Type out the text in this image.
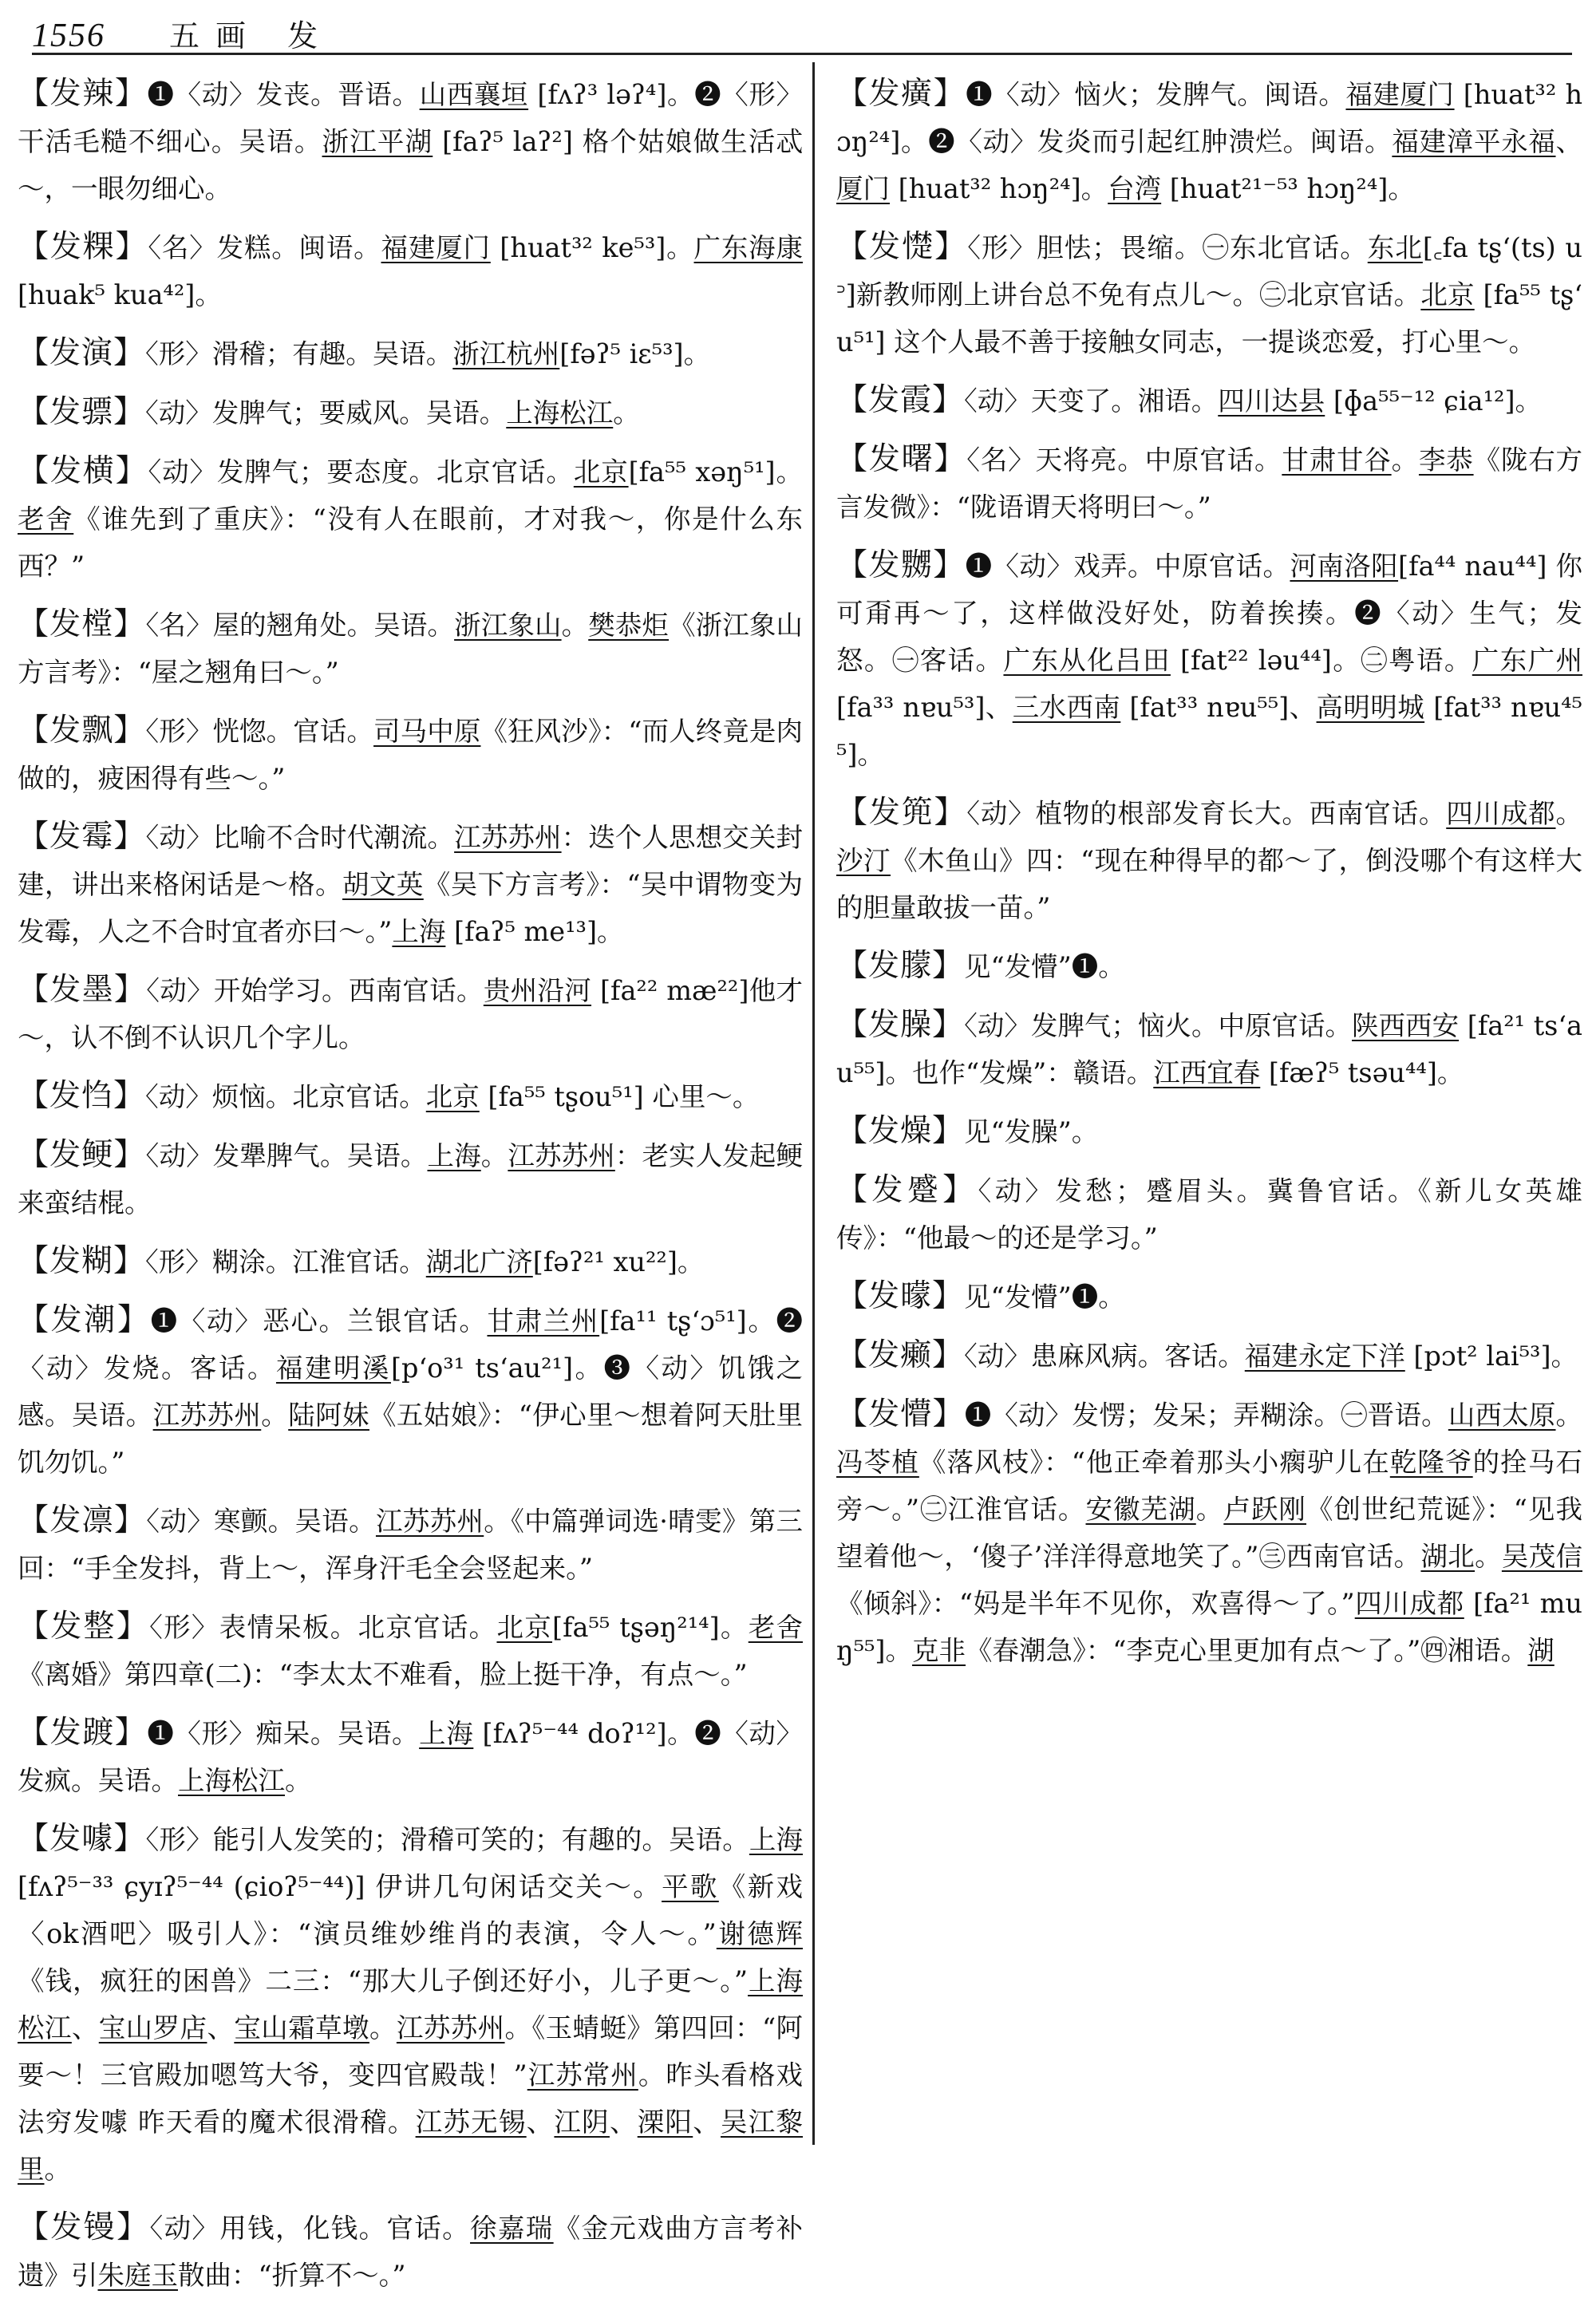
1556 五画 发
【发辣】❶〈动〉发丧。晋语。山西襄垣 [fʌʔ³ ləʔ⁴]。❷〈形〉干活毛糙不细心。吴语。浙江平湖 [faʔ⁵ laʔ²] 格个姑娘做生活忒～，一眼勿细心。
【发粿】〈名〉发糕。闽语。福建厦门 [huat³² ke⁵³]。广东海康 [huak⁵ kua⁴²]。
【发演】〈形〉滑稽；有趣。吴语。浙江杭州[fəʔ⁵ iɛ⁵³]。
【发骠】〈动〉发脾气；要威风。吴语。上海松江。
【发横】〈动〉发脾气；要态度。北京官话。北京[fa⁵⁵ xəŋ⁵¹]。老舍《谁先到了重庆》：“没有人在眼前，才对我～，你是什么东西？”
【发樘】〈名〉屋的翘角处。吴语。浙江象山。樊恭炬《浙江象山方言考》：“屋之翘角曰～。”
【发飘】〈形〉恍惚。官话。司马中原《狂风沙》：“而人终竟是肉做的，疲困得有些～。”
【发霉】〈动〉比喻不合时代潮流。江苏苏州：迭个人思想交关封建，讲出来格闲话是～格。胡文英《吴下方言考》：“吴中谓物变为发霉，人之不合时宜者亦曰～。”上海 [faʔ⁵ me¹³]。
【发墨】〈动〉开始学习。西南官话。贵州沿河 [fa²² mæ²²]他才～，认不倒不认识几个字儿。
【发㤘】〈动〉烦恼。北京官话。北京 [fa⁵⁵ tʂou⁵¹] 心里～。
【发鲠】〈动〉发犟脾气。吴语。上海。江苏苏州：老实人发起鲠来蛮结棍。
【发糊】〈形〉糊涂。江淮官话。湖北广济[fəʔ²¹ xu²²]。
【发潮】❶〈动〉恶心。兰银官话。甘肃兰州[fa¹¹ tʂʻɔ⁵¹]。❷〈动〉发烧。客话。福建明溪[pʻo³¹ tsʻau²¹]。❸〈动〉饥饿之感。吴语。江苏苏州。陆阿妹《五姑娘》：“伊心里～想着阿天肚里饥勿饥。”
【发凛】〈动〉寒颤。吴语。江苏苏州。《中篇弹词选·晴雯》第三回：“手全发抖，背上～，浑身汗毛全会竖起来。”
【发整】〈形〉表情呆板。北京官话。北京[fa⁵⁵ tʂəŋ²¹⁴]。老舍《离婚》第四章(二)：“李太太不难看，脸上挺干净，有点～。”
【发踱】❶〈形〉痴呆。吴语。上海 [fʌʔ⁵⁻⁴⁴ doʔ¹²]。❷〈动〉发疯。吴语。上海松江。
【发噱】〈形〉能引人发笑的；滑稽可笑的；有趣的。吴语。上海 [fʌʔ⁵⁻³³ ɕyɪʔ⁵⁻⁴⁴ (ɕioʔ⁵⁻⁴⁴)] 伊讲几句闲话交关～。平歌《新戏〈ok酒吧〉吸引人》：“演员维妙维肖的表演，令人～。”谢德辉《钱，疯狂的困兽》二三：“那大儿子倒还好小，儿子更～。”上海松江、宝山罗店、宝山霜草墩。江苏苏州。《玉蜻蜓》第四回：“阿要～！三官殿加嗯笃大爷，变四官殿哉！”江苏常州。昨头看格戏法穷发噱 昨天看的魔术很滑稽。江苏无锡、江阴、溧阳、吴江黎里。
【发镘】〈动〉用钱，化钱。官话。徐嘉瑞《金元戏曲方言考补遗》引朱庭玉散曲：“折算不～。”
【发癀】❶〈动〉恼火；发脾气。闽语。福建厦门 [huat³² hɔŋ²⁴]。❷〈动〉发炎而引起红肿溃烂。闽语。福建漳平永福、厦门 [huat³² hɔŋ²⁴]。台湾 [huat²¹⁻⁵³ hɔŋ²⁴]。
【发憷】〈形〉胆怯；畏缩。㊀东北官话。东北[꜀fa tʂʻ(ts) u ꜄]新教师刚上讲台总不免有点儿～。㊁北京官话。北京 [fa⁵⁵ tʂʻu⁵¹] 这个人最不善于接触女同志，一提谈恋爱，打心里～。
【发霞】〈动〉天变了。湘语。四川达县 [ɸa⁵⁵⁻¹² ɕia¹²]。
【发曙】〈名〉天将亮。中原官话。甘肃甘谷。李恭《陇右方言发微》：“陇语谓天将明曰～。”
【发嬲】❶〈动〉戏弄。中原官话。河南洛阳[fa⁴⁴ nau⁴⁴] 你可甭再～了，这样做没好处，防着挨揍。❷〈动〉生气；发怒。㊀客话。广东从化吕田 [fat²² ləu⁴⁴]。㊁粤语。广东广州 [fa³³ nɐu⁵³]、三水西南 [fat³³ nɐu⁵⁵]、高明明城 [fat³³ nɐu⁴⁵⁵]。
【发篼】〈动〉植物的根部发育长大。西南官话。四川成都。沙汀《木鱼山》四：“现在种得早的都～了，倒没哪个有这样大的胆量敢拔一苗。”
【发朦】见“发懵”❶。
【发臊】〈动〉发脾气；恼火。中原官话。陕西西安 [fa²¹ tsʻau⁵⁵]。也作“发燥”：赣语。江西宜春 [fæʔ⁵ tsəu⁴⁴]。
【发燥】见“发臊”。
【发蹙】〈动〉发愁；蹙眉头。冀鲁官话。《新儿女英雄传》：“他最～的还是学习。”
【发曚】见“发懵”❶。
【发癞】〈动〉患麻风病。客话。福建永定下洋 [pɔt² lai⁵³]。
【发懵】❶〈动〉发愣；发呆；弄糊涂。㊀晋语。山西太原。冯苓植《落风枝》：“他正牵着那头小瘸驴儿在乾隆爷的拴马石旁～。”㊁江淮官话。安徽芜湖。卢跃刚《创世纪荒诞》：“见我望着他～，‘傻子’洋洋得意地笑了。”㊂西南官话。湖北。吴茂信《倾斜》：“妈是半年不见你，欢喜得～了。”四川成都 [fa²¹ muŋ⁵⁵]。克非《春潮急》：“李克心里更加有点～了。”㊃湘语。湖
